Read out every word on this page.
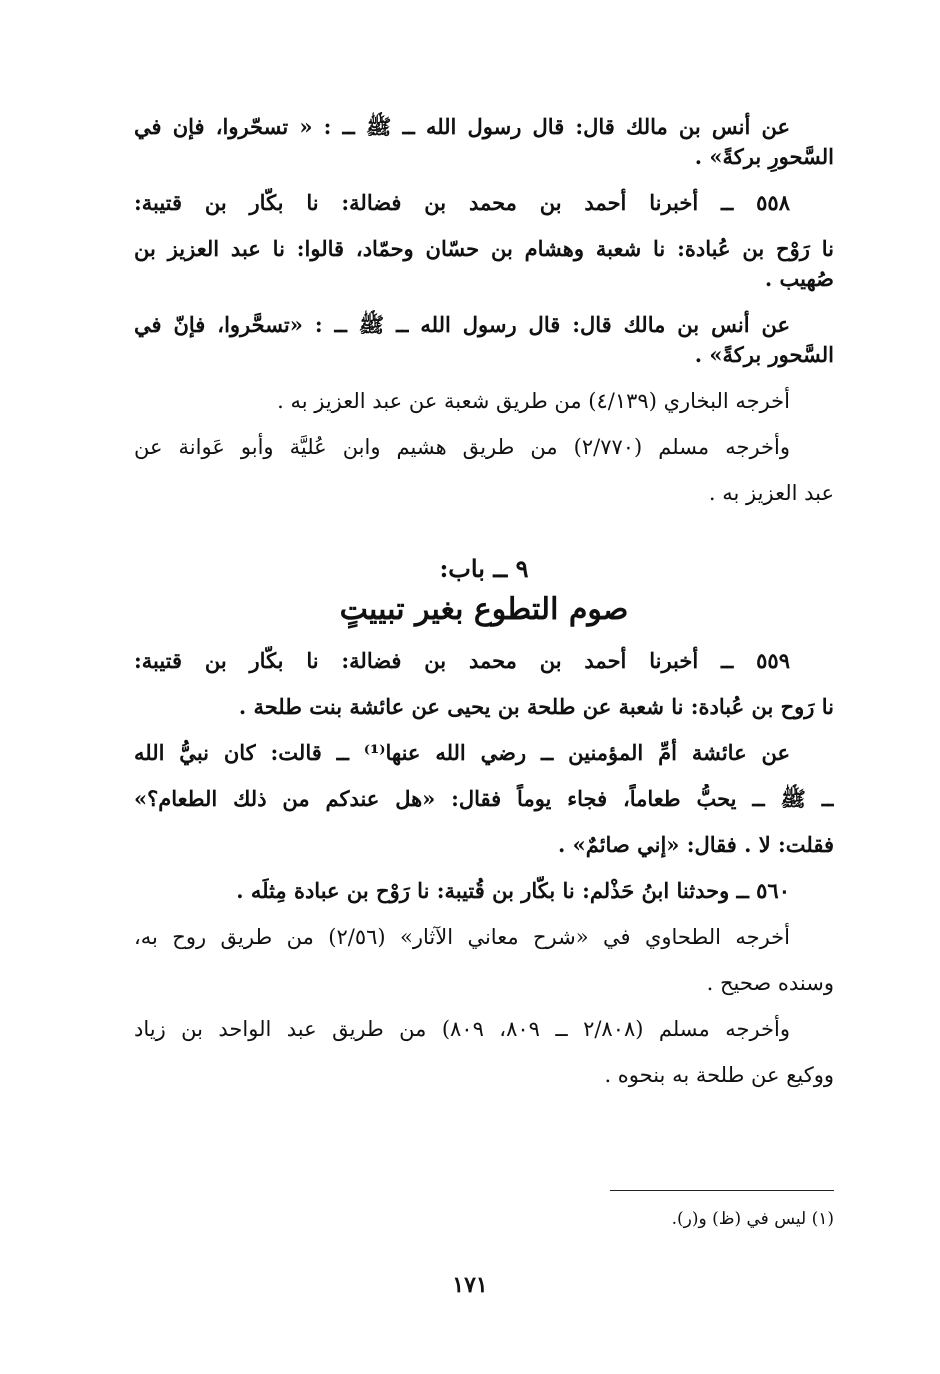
عن أنس بن مالك قال: قال رسول الله ــ ﷺ ــ : « تسحّروا، فإن في
السَّحورِ بركةً» .
٥٥٨ ــ أخبرنا أحمد بن محمد بن فضالة: نا بكّار بن قتيبة:
نا رَوْح بن عُبادة: نا شعبة وهشام بن حسّان وحمّاد، قالوا: نا عبد العزيز بن
صُهيب .
عن أنس بن مالك قال: قال رسول الله ــ ﷺ ــ : «تسحَّروا، فإنّ في
السَّحور بركةً» .
أخرجه البخاري (٤/١٣٩) من طريق شعبة عن عبد العزيز به .
وأخرجه مسلم (٢/٧٧٠) من طريق هشيم وابن عُليَّة وأبو عَوانة عن
عبد العزيز به .
٩ ــ باب:
صوم التطوع بغير تبييتٍ
٥٥٩ ــ أخبرنا أحمد بن محمد بن فضالة: نا بكّار بن قتيبة:
نا رَوح بن عُبادة: نا شعبة عن طلحة بن يحيى عن عائشة بنت طلحة .
عن عائشة أمِّ المؤمنين ــ رضي الله عنها⁽¹⁾ ــ قالت: كان نبيُّ الله
ــ ﷺ ــ يحبُّ طعاماً، فجاء يوماً فقال: «هل عندكم من ذلك الطعام؟»
فقلت: لا . فقال: «إني صائمٌ» .
٥٦٠ ــ وحدثنا ابنُ حَذْلم: نا بكّار بن قُتيبة: نا رَوْح بن عبادة مِثلَه .
أخرجه الطحاوي في «شرح معاني الآثار» (٢/٥٦) من طريق روح به،
وسنده صحيح .
وأخرجه مسلم (٢/٨٠٨ ــ ٨٠٩، ٨٠٩) من طريق عبد الواحد بن زياد
ووكيع عن طلحة به بنحوه .
(١) ليس في (ظ) و(ر).
١٧١
